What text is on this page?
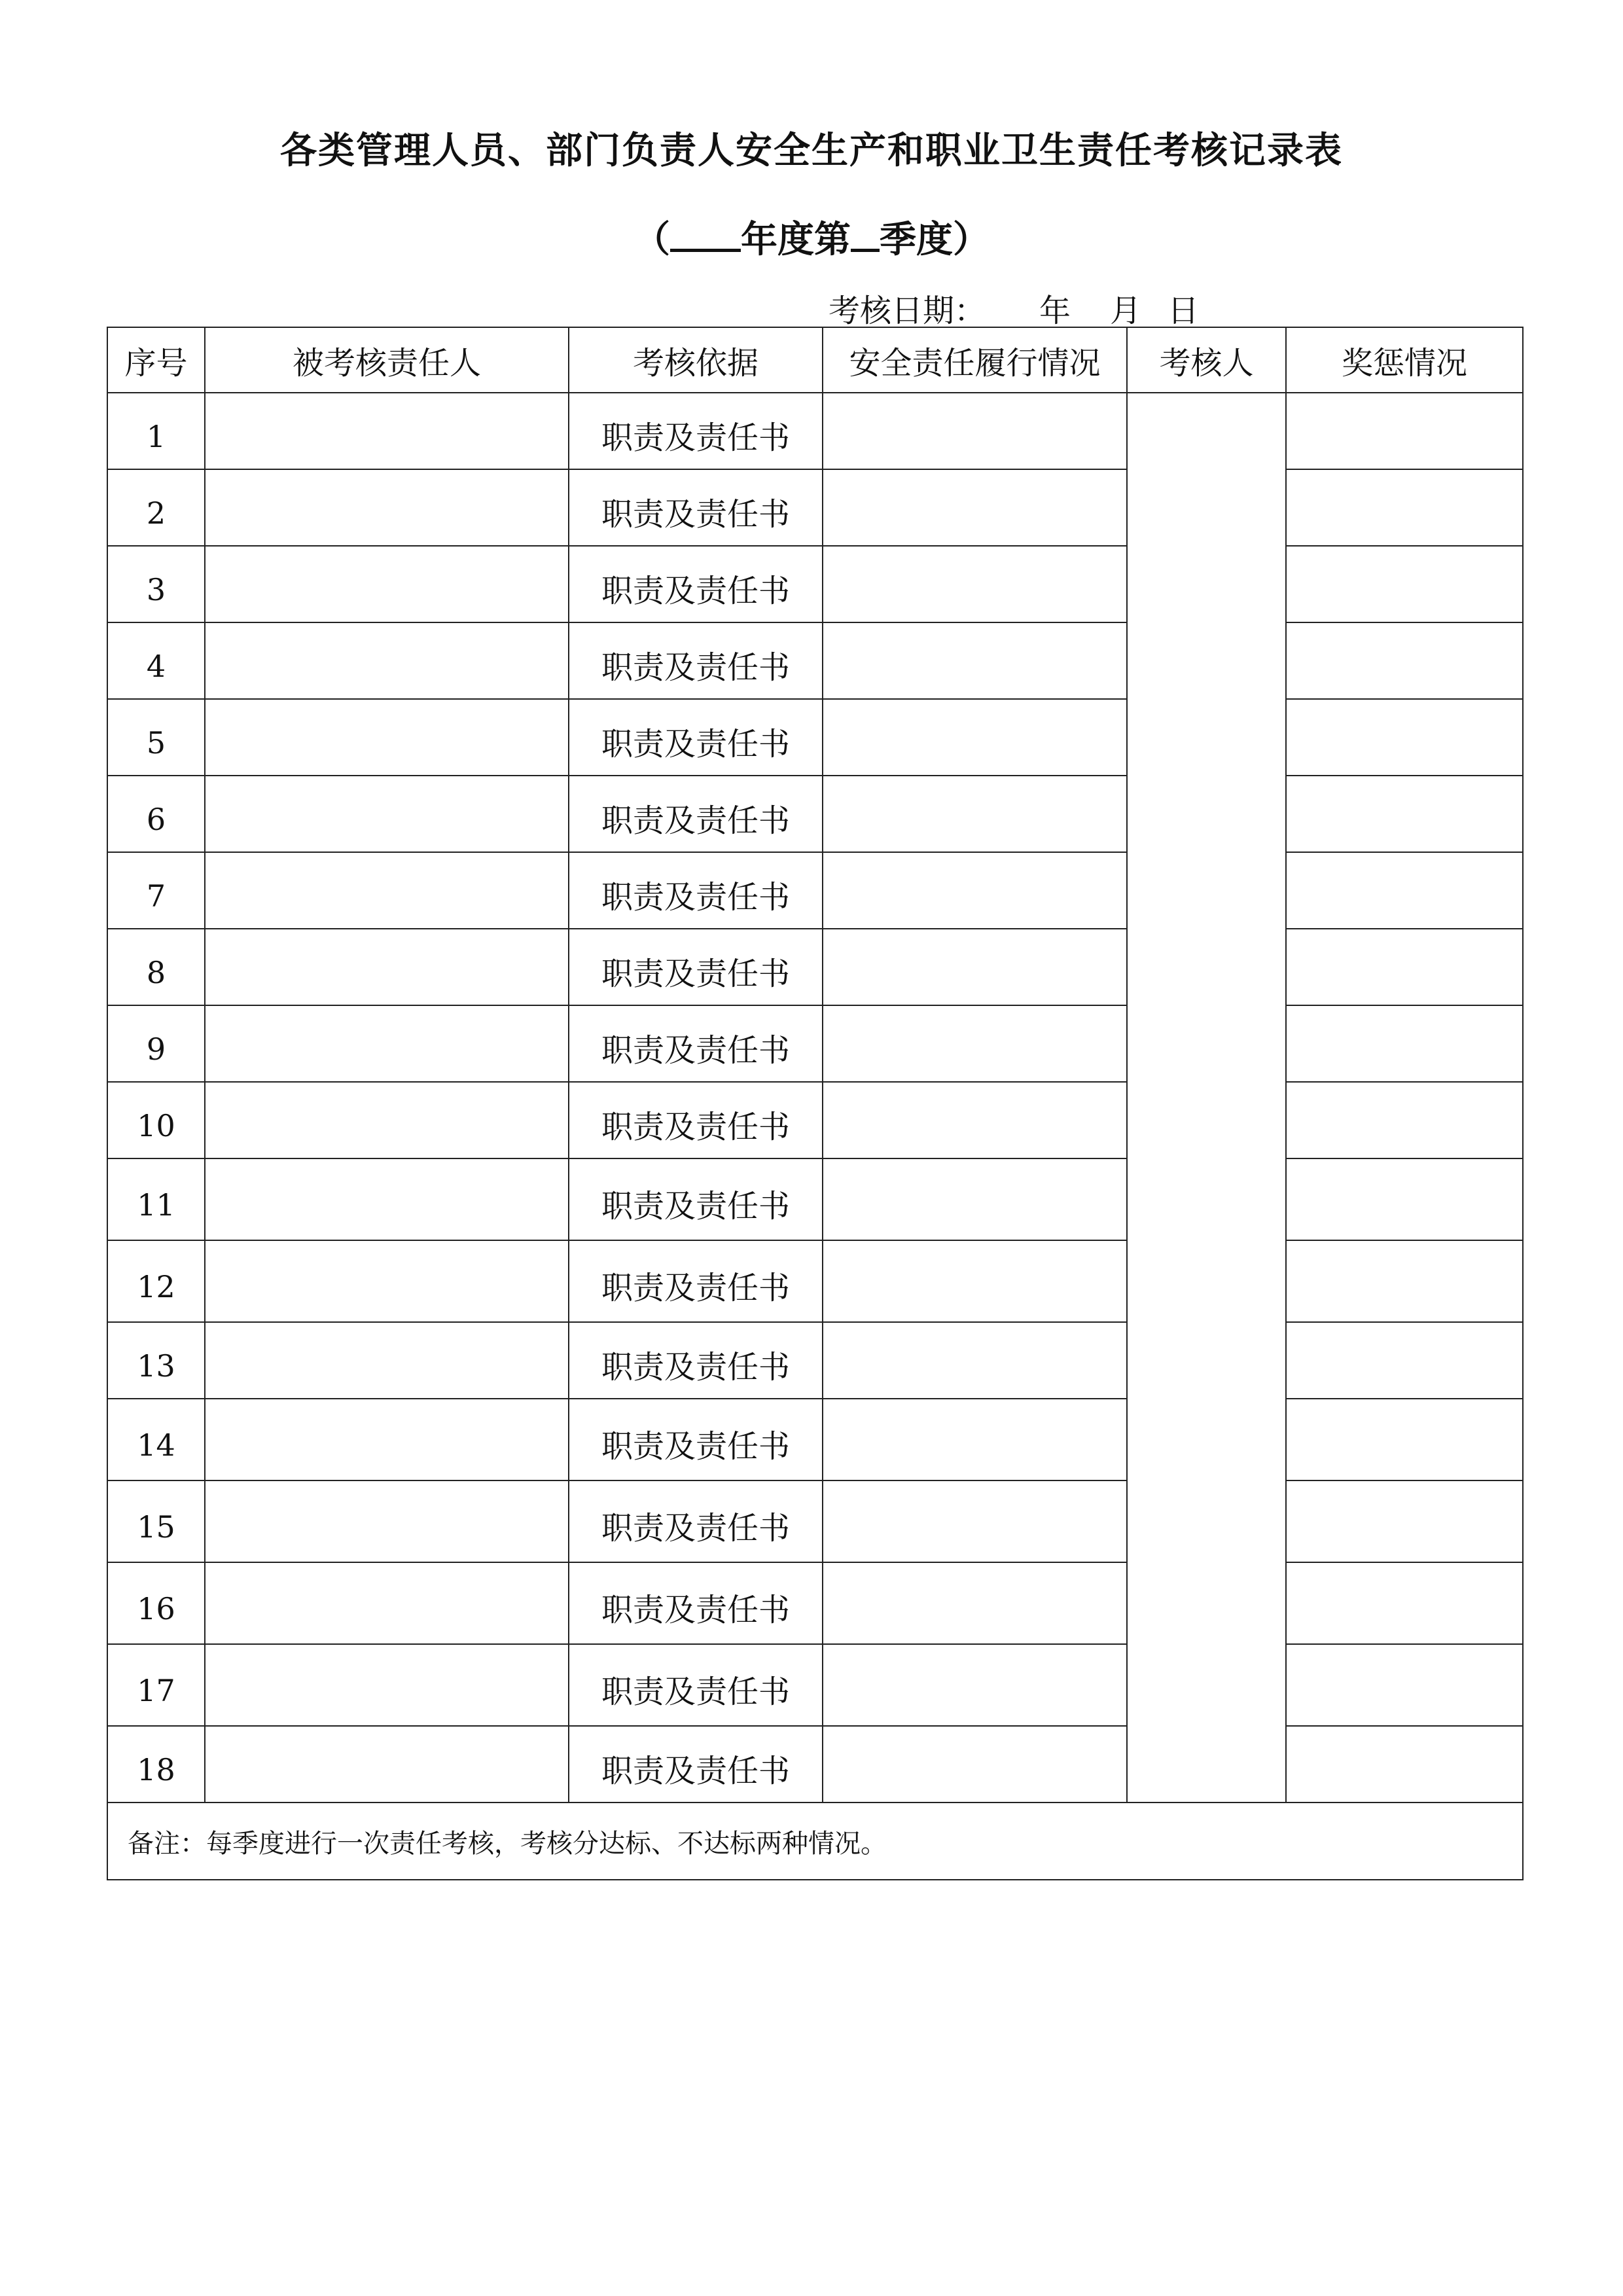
各类管理人员、部门负责人安全生产和职业卫生责任考核记录表
（ 年度第 季度）
考核日期： 年 月 日
序号	被考核责任人	考核依据	安全责任履行情况	考核人	奖惩情况
1		职责及责任书			
2		职责及责任书			
3		职责及责任书			
4		职责及责任书			
5		职责及责任书			
6		职责及责任书			
7		职责及责任书			
8		职责及责任书			
9		职责及责任书			
10		职责及责任书			
11		职责及责任书			
12		职责及责任书			
13		职责及责任书			
14		职责及责任书			
15		职责及责任书			
16		职责及责任书			
17		职责及责任书			
18		职责及责任书			
备注：每季度进行一次责任考核，考核分达标、不达标两种情况。					
